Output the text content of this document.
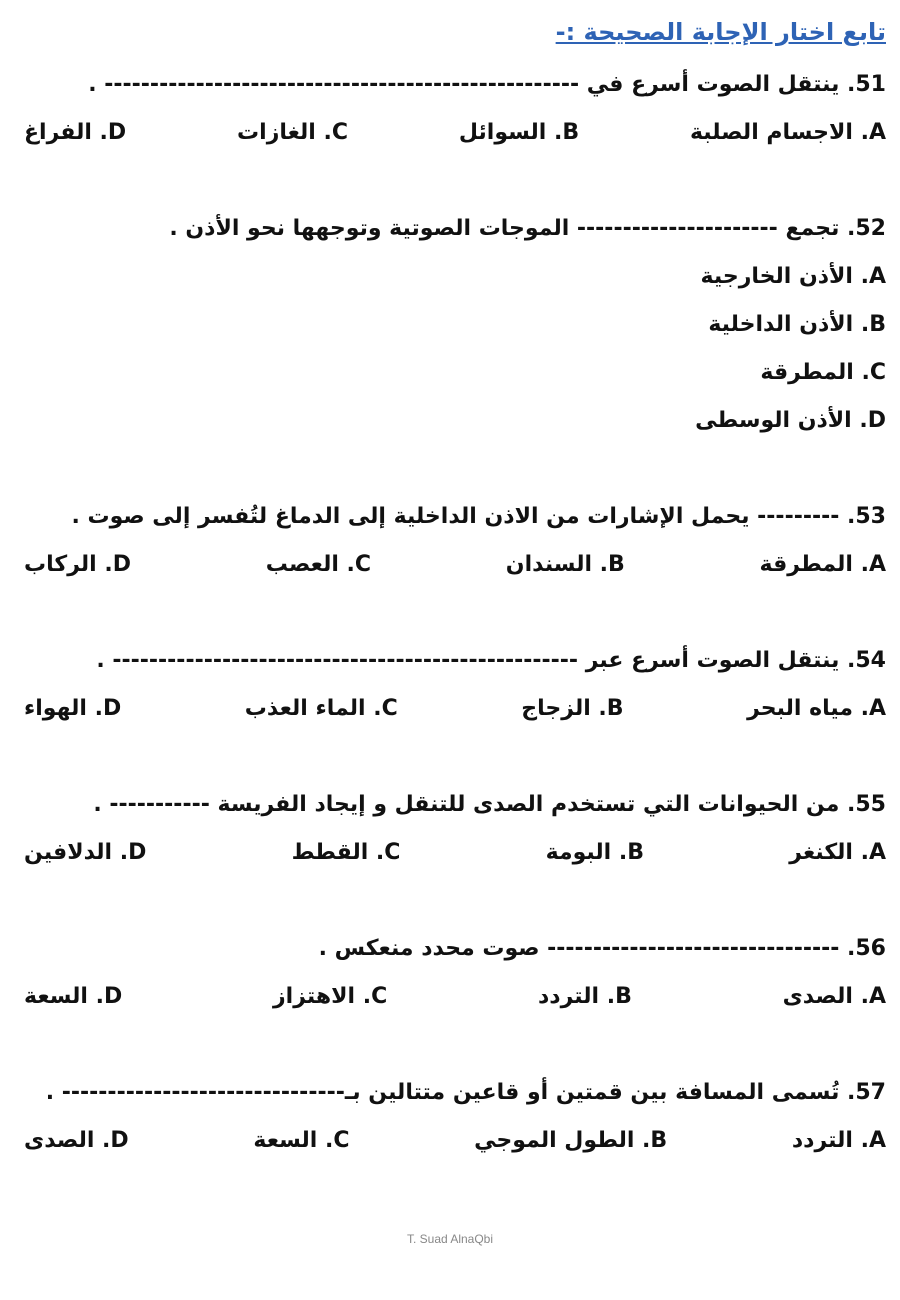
تابع اختار الإجابة الصحيحة :-
51. ينتقل الصوت أسرع في ---------------------------------------------------- .
A. الاجسام الصلبة
B. السوائل
C. الغازات
D. الفراغ
52. تجمع ---------------------- الموجات الصوتية وتوجهها نحو الأذن .
A. الأذن الخارجية
B. الأذن الداخلية
C. المطرقة
D. الأذن الوسطى
53. --------- يحمل الإشارات من الاذن الداخلية إلى الدماغ لتُفسر إلى صوت .
A. المطرقة
B. السندان
C. العصب
D. الركاب
54. ينتقل الصوت أسرع عبر --------------------------------------------------- .
A. مياه البحر
B. الزجاج
C. الماء العذب
D. الهواء
55. من الحيوانات التي تستخدم الصدى للتنقل و إيجاد الفريسة ----------- .
A. الكنغر
B. البومة
C. القطط
D. الدلافين
56. -------------------------------- صوت محدد منعكس .
A. الصدى
B. التردد
C. الاهتزاز
D. السعة
57. تُسمى المسافة بين قمتين أو قاعين متتالين بـ------------------------------- .
A. التردد
B. الطول الموجي
C. السعة
D. الصدى
T. Suad AlnaQbi
